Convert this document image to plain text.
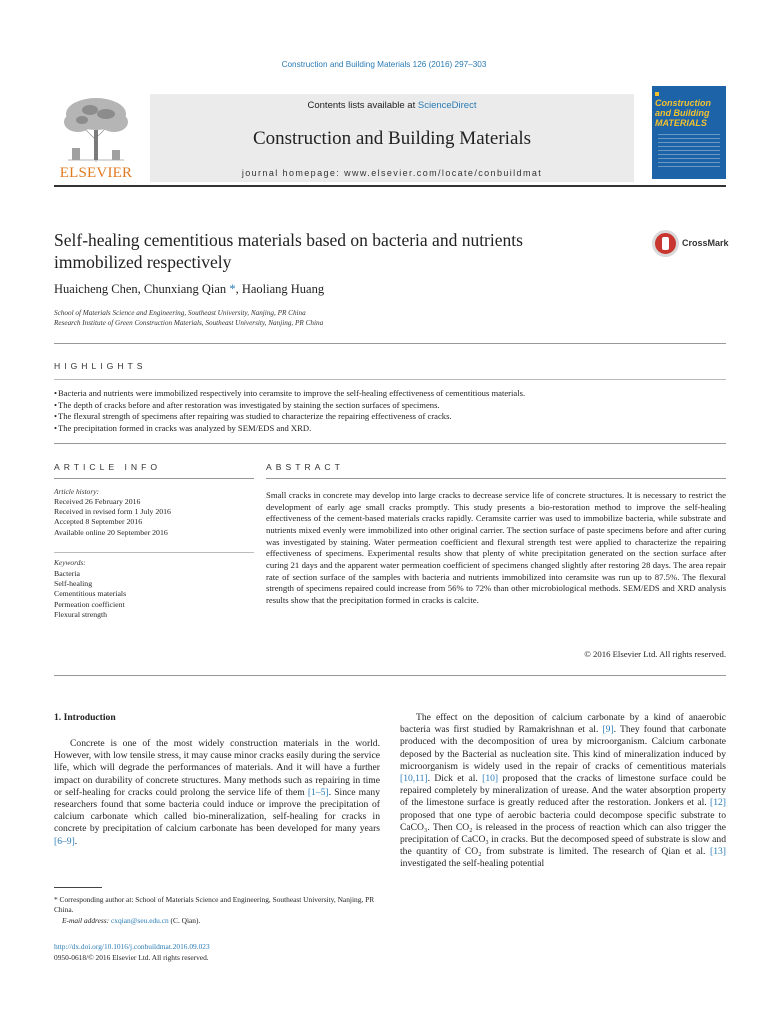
Construction and Building Materials 126 (2016) 297–303
ELSEVIER
Contents lists available at ScienceDirect
Construction and Building Materials
journal homepage: www.elsevier.com/locate/conbuildmat
Construction
and Building
MATERIALS
Self-healing cementitious materials based on bacteria and nutrients immobilized respectively
CrossMark
Huaicheng Chen, Chunxiang Qian *, Haoliang Huang
School of Materials Science and Engineering, Southeast University, Nanjing, PR China
Research Institute of Green Construction Materials, Southeast University, Nanjing, PR China
HIGHLIGHTS
• Bacteria and nutrients were immobilized respectively into ceramsite to improve the self-healing effectiveness of cementitious materials.
• The depth of cracks before and after restoration was investigated by staining the section surfaces of specimens.
• The flexural strength of specimens after repairing was studied to characterize the repairing effectiveness of cracks.
• The precipitation formed in cracks was analyzed by SEM/EDS and XRD.
ARTICLE INFO	ABSTRACT
Article history:
Received 26 February 2016
Received in revised form 1 July 2016
Accepted 8 September 2016
Available online 20 September 2016
Keywords:
Bacteria
Self-healing
Cementitious materials
Permeation coefficient
Flexural strength
Small cracks in concrete may develop into large cracks to decrease service life of concrete structures. It is necessary to restrict the development of early age small cracks promptly. This study presents a bio-restoration method to improve the self-healing effectiveness of the cement-based materials cracks rapidly. Ceramsite carrier was used to immobilize bacteria, while substrate and nutrients mixed evenly were immobilized into other original carrier. The section surface of paste specimens before and after curing was investigated by staining. Water permeation coefficient and flexural strength test were applied to characterize the repairing effectiveness of specimens. Experimental results show that plenty of white precipitation generated on the section surface after curing 21 days and the apparent water permeation coefficient of specimens changed slightly after restoring 28 days. The area repair rate of section surface of the samples with bacteria and nutrients immobilized into ceramsite was run up to 87.5%. The flexural strength of specimens repaired could increase from 56% to 72% than other microbiological methods. SEM/EDS and XRD analysis results show that the precipitation formed in cracks is calcite.
© 2016 Elsevier Ltd. All rights reserved.
1. Introduction

Concrete is one of the most widely construction materials in the world. However, with low tensile stress, it may cause minor cracks easily during the service life, which will degrade the performances of materials. And it will have a further impact on durability of concrete structures. Many methods such as repairing in time or self-healing for cracks could prolong the service life of them [1–5]. Since many researchers found that some bacteria could induce or improve the precipitation of calcium carbonate which called bio-mineralization, self-healing for cracks in concrete by precipitation of calcium carbonate has been developed for many years [6–9].

The effect on the deposition of calcium carbonate by a kind of anaerobic bacteria was first studied by Ramakrishnan et al. [9]. They found that carbonate produced with the decomposition of urea by microorganism. Calcium carbonate deposed by the Bacterial as nucleation site. This kind of mineralization induced by microorganism is widely used in the repair of cracks of cementitious materials [10,11]. Dick et al. [10] proposed that the cracks of limestone surface could be repaired completely by mineralization of urease. And the water absorption property of the limestone surface is greatly reduced after the restoration. Jonkers et al. [12] proposed that one type of aerobic bacteria could decompose specific substrate to CaCO₃. Then CO₂ is released in the process of reaction which can also trigger the precipitation of CaCO₃ in cracks. But the decomposed speed of substrate is slow and the quantity of CO₂ from substrate is limited. The research of Qian et al. [13] investigated the self-healing potential

* Corresponding author at: School of Materials Science and Engineering, Southeast University, Nanjing, PR China.
E-mail address: cxqian@seu.edu.cn (C. Qian).
http://dx.doi.org/10.1016/j.conbuildmat.2016.09.023
0950-0618/© 2016 Elsevier Ltd. All rights reserved.
